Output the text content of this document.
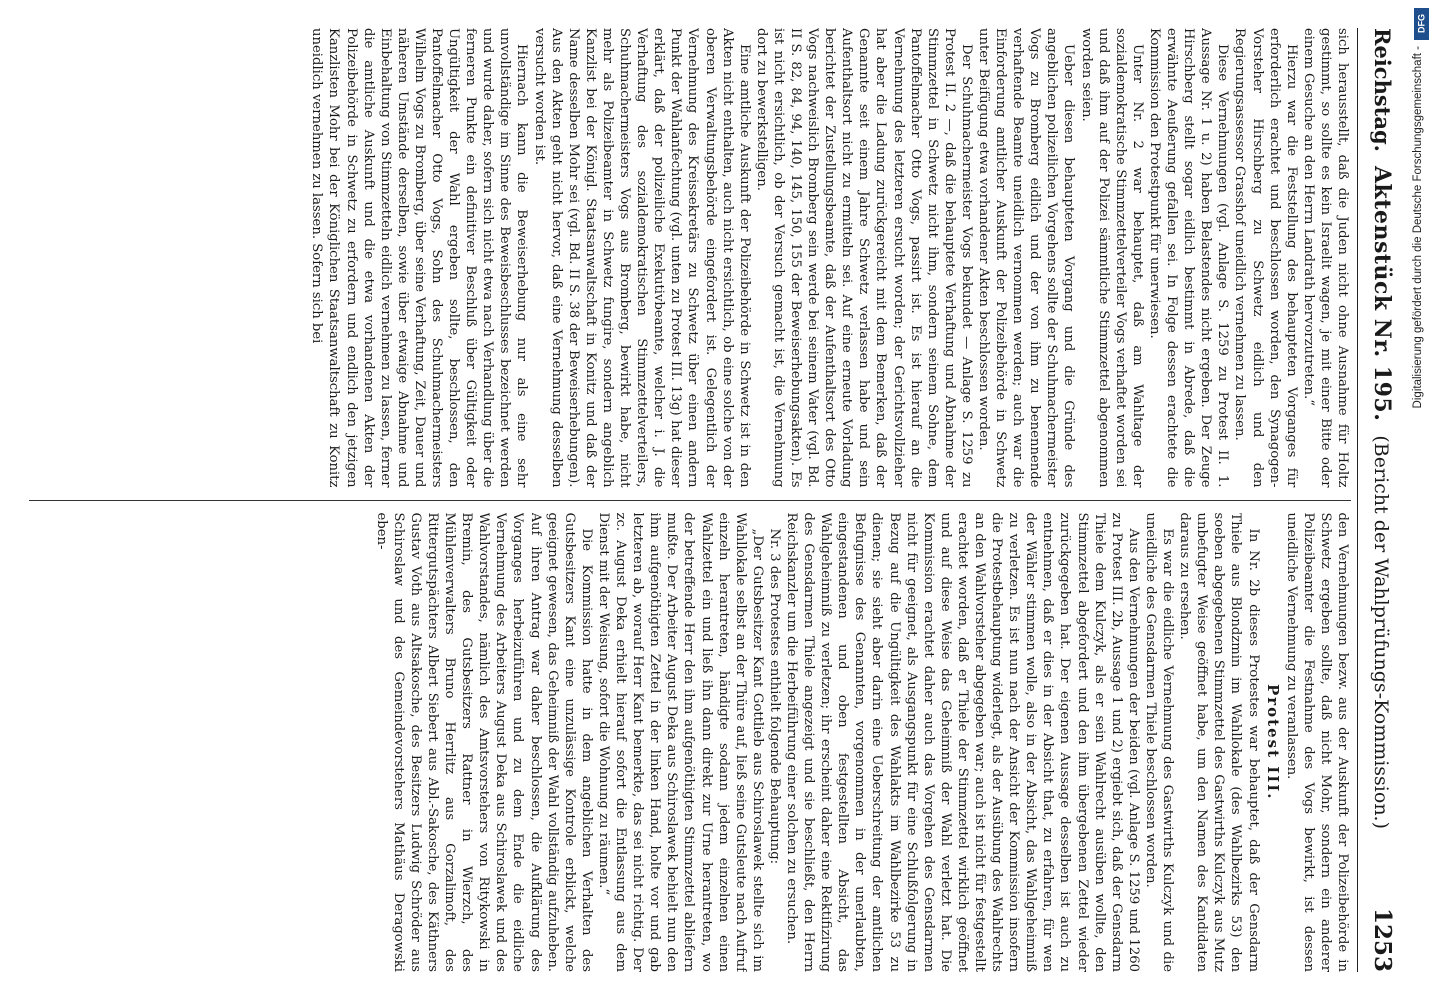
Reichstag.
Aktenstück Nr. 195.
(Bericht der Wahlprüfungs-Kommission.)
1253

sich herausstellt, daß die Juden nicht ohne Ausnahme für Holtz gestimmt, so sollte es kein Israelit wagen, je mit einer Bitte oder einem Gesuche an den Herrn Landrath hervorzutreten.“

Hierzu war die Feststellung des behaupteten Vorganges für erforderlich erachtet und beschlossen worden, den Synagogen-Vorsteher Hirschberg zu Schwetz eidlich und den Regierungsassessor Grasshof uneidlich vernehmen zu lassen.

Diese Vernehmungen (vgl. Anlage S. 1259 zu Protest II. 1. Aussage Nr. 1 u. 2) haben Belastendes nicht ergeben. Der Zeuge Hirschberg stellt sogar eidlich bestimmt in Abrede, daß die erwähnte Aeußerung gefallen sei. In Folge dessen erachtete die Kommission den Protestpunkt für unerwiesen.

Unter Nr. 2 war behauptet, daß am Wahltage der sozialdemokratische Stimmzettelverteiler Vogs verhaftet worden sei und daß ihm auf der Polizei sämmtliche Stimmzettel abgenommen worden seien.

Ueber diesen behaupteten Vorgang und die Gründe des angeblichen polizeilichen Vorgehens sollte der Schuhmachermeister Vogs zu Bromberg eidlich und der von ihm zu benennende verhaftende Beamte uneidlich vernommen werden; auch war die Einforderung amtlicher Auskunft der Polizeibehörde in Schwetz unter Beifügung etwa vorhandener Akten beschlossen worden.

Der Schuhmachermeister Vogs bekundet — Anlage S. 1259 zu Protest II. 2 —, daß die behauptete Verhaftung und Abnahme der Stimmzettel in Schwetz nicht ihm, sondern seinem Sohne, dem Pantoffelmacher Otto Vogs, passirt ist. Es ist hierauf an die Vernehmung des letzteren ersucht worden; der Gerichtsvollzieher hat aber die Ladung zurückgereicht mit dem Bemerken, daß der Genannte seit einem Jahre Schwetz verlassen habe und sein Aufenthaltsort nicht zu ermitteln sei. Auf eine erneute Vorladung berichtet der Zustellungsbeamte, daß der Aufenthaltsort des Otto Vogs nachweislich Bromberg sein werde bei seinem Vater (vgl. Bd. II S. 82, 84, 94, 140, 145, 150, 155 der Beweiserhebungsakten). Es ist nicht ersichtlich, ob der Versuch gemacht ist, die Vernehmung dort zu bewerkstelligen.

Eine amtliche Auskunft der Polizeibehörde in Schwetz ist in den Akten nicht enthalten, auch nicht ersichtlich, ob eine solche von der oberen Verwaltungsbehörde eingefordert ist. Gelegentlich der Vernehmung des Kreissekretärs zu Schwetz über einen andern Punkt der Wahlanfechtung (vgl. unten zu Protest III. 13g) hat dieser erklärt, daß der polizeiliche Exekutivbeamte, welcher i. J. die Verhaftung des sozialdemokratischen Stimmzettelverteilers, Schuhmachermeisters Vogs aus Bromberg, bewirkt habe, nicht mehr als Polizeibeamter in Schwetz fungire, sondern angeblich Kanzlist bei der Königl. Staatsanwaltschaft in Konitz und daß der Name desselben Mohr sei (vgl. Bd. II S. 38 der Beweiserhebungen). Aus den Akten geht nicht hervor, daß eine Vernehmung desselben versucht worden ist.

Hiernach kann die Beweiserhebung nur als eine sehr unvollständige im Sinne des Beweisbeschlusses bezeichnet werden und wurde daher, sofern sich nicht etwa nach Verhandlung über die ferneren Punkte ein definitiver Beschluß über Gültigkeit oder Ungültigkeit der Wahl ergeben sollte, beschlossen, den Pantoffelmacher Otto Vogs, Sohn des Schuhmachermeisters Wilhelm Vogs zu Bromberg, über seine Verhaftung, Zeit, Dauer und näheren Umstände derselben, sowie über etwaige Abnahme und Einbehaltung von Stimmzetteln eidlich vernehmen zu lassen, ferner die amtliche Auskunft und die etwa vorhandenen Akten der Polizeibehörde in Schwetz zu erfordern und endlich den jetzigen Kanzlisten Mohr bei der Königlichen Staatsanwaltschaft zu Konitz uneidlich vernehmen zu lassen. Sofern sich bei

den Vernehmungen bezw. aus der Auskunft der Polizeibehörde in Schwetz ergeben sollte, daß nicht Mohr, sondern ein anderer Polizeibeamter die Festnahme des Vogs bewirkt, ist dessen uneidliche Vernehmung zu veranlassen.

Protest III.

In Nr. 2b dieses Protestes war behauptet, daß der Gensdarm Thiele aus Blondzmin im Wahllokale (des Wahlbezirks 53) den soeben abgegebenen Stimmzettel des Gastwirths Kulczyk aus Mutz unbefugter Weise geöffnet habe, um den Namen des Kandidaten daraus zu ersehen.

Es war die eidliche Vernehmung des Gastwirths Kulczyk und die uneidliche des Gensdarmen Thiele beschlossen worden.

Aus den Vernehmungen der beiden (vgl. Anlage S. 1259 und 1260 zu Protest III. 2b, Aussage 1 und 2) ergiebt sich, daß der Gensdarm Thiele dem Kulczyk, als er sein Wahlrecht ausüben wollte, den Stimmzettel abgefordert und den ihm übergebenen Zettel wieder zurückgegeben hat. Der eigenen Aussage desselben ist auch zu entnehmen, daß er dies in der Absicht that, zu erfahren, für wen der Wähler stimmen wolle, also in der Absicht, das Wahlgeheimniß zu verletzen. Es ist nun nach der Ansicht der Kommission insofern die Protestbehauptung widerlegt, als der Ausübung des Wahlrechts an den Wahlvorsteher abgegeben war; auch ist nicht für festgestellt erachtet worden, daß er Thiele der Stimmzettel wirklich geöffnet und auf diese Weise das Geheimniß der Wahl verletzt hat. Die Kommission erachtet daher auch das Vorgehen des Gensdarmen nicht für geeignet, als Ausgangspunkt für eine Schlußfolgerung in Bezug auf die Ungültigkeit des Wahlakts im Wahlbezirke 53 zu dienen; sie sieht aber darin eine Ueberschreitung der amtlichen Befugnisse des Genannten, vorgenommen in der unerlaubten, eingestandenen und oben festgestellten Absicht, das Wahlgeheimniß zu verletzen; ihr erscheint daher eine Rektifizirung des Gensdarmen Thiele angezeigt und sie beschließt, den Herrn Reichskanzler um die Herbeiführung einer solchen zu ersuchen.

Nr. 3 des Protestes enthielt folgende Behauptung:

„Der Gutsbesitzer Kant Gottlieb aus Schiroslawek stellte sich im Wahllokale selbst an der Thüre auf, ließ seine Gutsleute nach Aufruf einzeln herantreten, händigte sodann jedem einzelnen einen Wahlzettel ein und ließ ihn dann direkt zur Urne herantreten, wo der betreffende Herr den ihm aufgenöthigten Stimmzettel abliefern mußte. Der Arbeiter August Deka aus Schiroslawek behielt nun den ihm aufgenöthigten Zettel in der linken Hand, holte vor und gab letzteren ab, worauf Herr Kant bemerkte, das sei nicht richtig. Der zc. August Deka erhielt hierauf sofort die Entlassung aus dem Dienst mit der Weisung, sofort die Wohnung zu räumen.“

Die Kommission hatte in dem angeblichen Verhalten des Gutsbesitzers Kant eine unzulässige Kontrole erblickt, welche geeignet gewesen, das Geheimniß der Wahl vollständig aufzuheben. Auf ihren Antrag war daher beschlossen, die Aufklärung des Vorganges herbeizuführen und zu dem Ende die eidliche Vernehmung des Arbeiters August Deka aus Schiroslawek und des Wahlvorstandes, nämlich des Amtsvorstehers von Ritykowski in Bremin, des Gutsbesitzers Rattner in Wierzch, des Mühlenverwalters Bruno Herrlitz aus Gorzalimoft, des Rittergutspächters Albert Siebert aus Abl.-Sakosche, des Käthners Gustav Voth aus Altsakosche, des Besitzers Ludwig Schröder aus Schiroslaw und des Gemeindevorstehers Mathäus Deragowski eben-

DFG
Digitalisierung gefördert durch die Deutsche Forschungsgemeinschaft -
